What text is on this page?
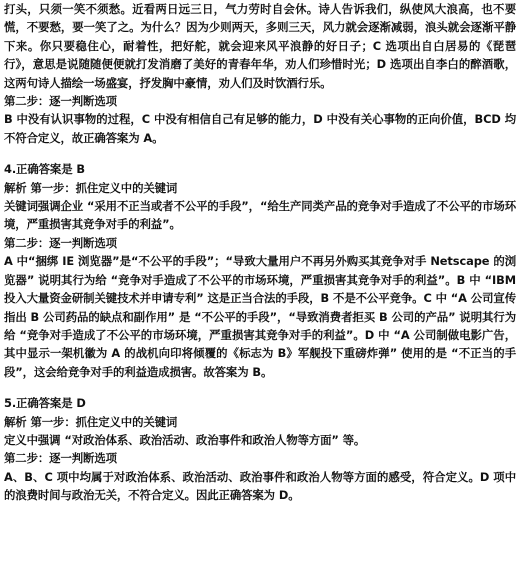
打头，只须一笑不须愁。近看两日远三日，气力劳时自会休。诗人告诉我们，纵使风大浪高，也不要慌，不要愁，要一笑了之。为什么？因为少则两天，多则三天，风力就会逐渐减弱，浪头就会逐渐平静下来。你只要稳住心，耐着性，把好舵，就会迎来风平浪静的好日子；C 选项出自白居易的《琵琶行》，意思是说随随便便就打发消磨了美好的青春年华，劝人们珍惜时光；D 选项出自李白的醉酒歌，这两句诗人描绘一场盛宴，抒发胸中豪情，劝人们及时饮酒行乐。

第二步：逐一判断选项

B 中没有认识事物的过程，C 中没有相信自己有足够的能力，D 中没有关心事物的正向价值，BCD 均不符合定义，故正确答案为 A。

4.正确答案是 B

解析 第一步：抓住定义中的关键词

关键词强调企业 “采用不正当或者不公平的手段”，“给生产同类产品的竞争对手造成了不公平的市场环境，严重损害其竞争对手的利益”。

第二步：逐一判断选项

A 中“捆绑 IE 浏览器”是“不公平的手段”；“导致大量用户不再另外购买其竞争对手 Netscape 的浏览器” 说明其行为给 “竞争对手造成了不公平的市场环境，严重损害其竞争对手的利益”。B 中 “IBM 投入大量资金研制关键技术并申请专利” 这是正当合法的手段，B 不是不公平竞争。C 中 “A 公司宣传指出 B 公司药品的缺点和副作用” 是 “不公平的手段”，“导致消费者拒买 B 公司的产品” 说明其行为给 “竞争对手造成了不公平的市场环境，严重损害其竞争对手的利益”。D 中 “A 公司制做电影广告，其中显示一架机徽为 A 的战机向印将倾覆的《标志为 B》军舰投下重磅炸弹” 使用的是 “不正当的手段”，这会给竞争对手的利益造成损害。故答案为 B。

5.正确答案是 D

解析 第一步：抓住定义中的关键词

定义中强调 “对政治体系、政治活动、政治事件和政治人物等方面” 等。

第二步：逐一判断选项

A、B、C 项中均属于对政治体系、政治活动、政治事件和政治人物等方面的感受，符合定义。D 项中的浪费时间与政治无关，不符合定义。因此正确答案为 D。
